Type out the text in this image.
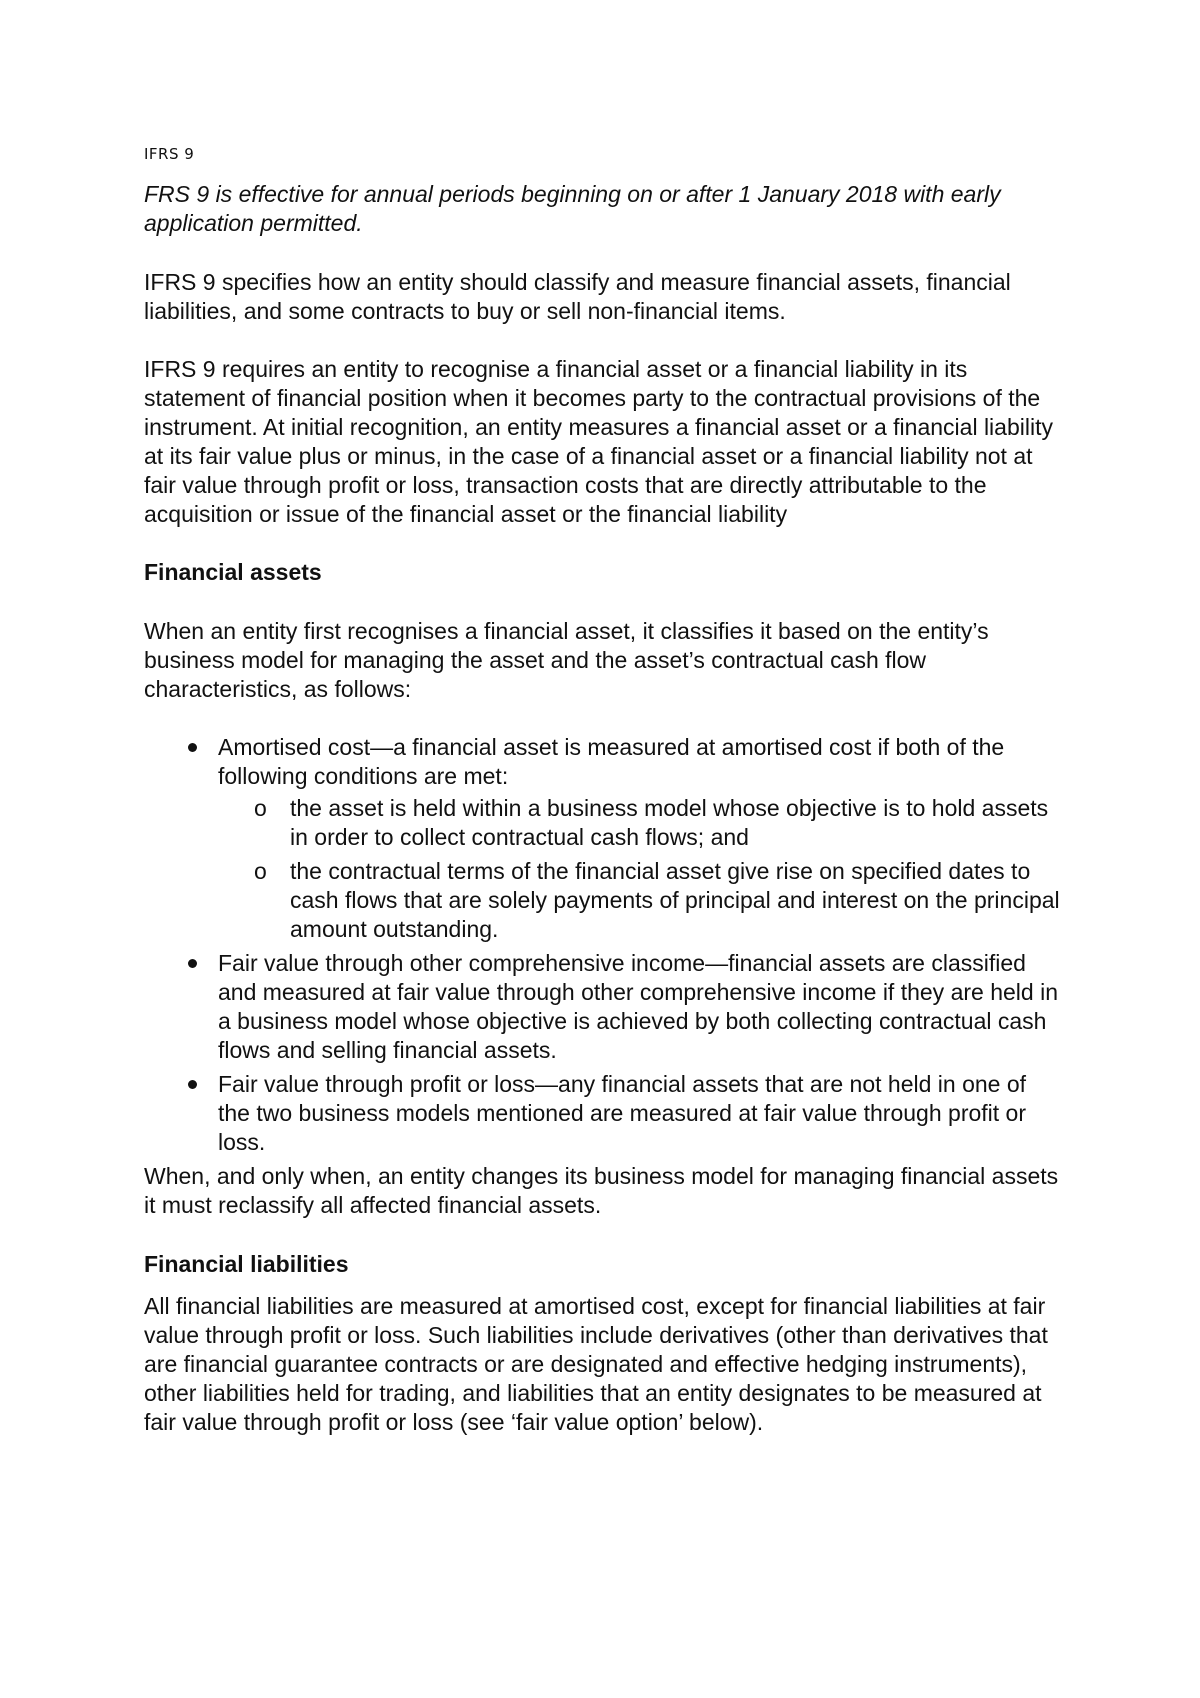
IFRS 9

FRS 9 is effective for annual periods beginning on or after 1 January 2018 with early application permitted.

IFRS 9 specifies how an entity should classify and measure financial assets, financial liabilities, and some contracts to buy or sell non-financial items.

IFRS 9 requires an entity to recognise a financial asset or a financial liability in its statement of financial position when it becomes party to the contractual provisions of the instrument. At initial recognition, an entity measures a financial asset or a financial liability at its fair value plus or minus, in the case of a financial asset or a financial liability not at fair value through profit or loss, transaction costs that are directly attributable to the acquisition or issue of the financial asset or the financial liability

Financial assets

When an entity first recognises a financial asset, it classifies it based on the entity’s business model for managing the asset and the asset’s contractual cash flow characteristics, as follows:

Amortised cost—a financial asset is measured at amortised cost if both of the following conditions are met:
o the asset is held within a business model whose objective is to hold assets in order to collect contractual cash flows; and
o the contractual terms of the financial asset give rise on specified dates to cash flows that are solely payments of principal and interest on the principal amount outstanding.
Fair value through other comprehensive income—financial assets are classified and measured at fair value through other comprehensive income if they are held in a business model whose objective is achieved by both collecting contractual cash flows and selling financial assets.
Fair value through profit or loss—any financial assets that are not held in one of the two business models mentioned are measured at fair value through profit or loss.

When, and only when, an entity changes its business model for managing financial assets it must reclassify all affected financial assets.

Financial liabilities

All financial liabilities are measured at amortised cost, except for financial liabilities at fair value through profit or loss. Such liabilities include derivatives (other than derivatives that are financial guarantee contracts or are designated and effective hedging instruments), other liabilities held for trading, and liabilities that an entity designates to be measured at fair value through profit or loss (see ‘fair value option’ below).
